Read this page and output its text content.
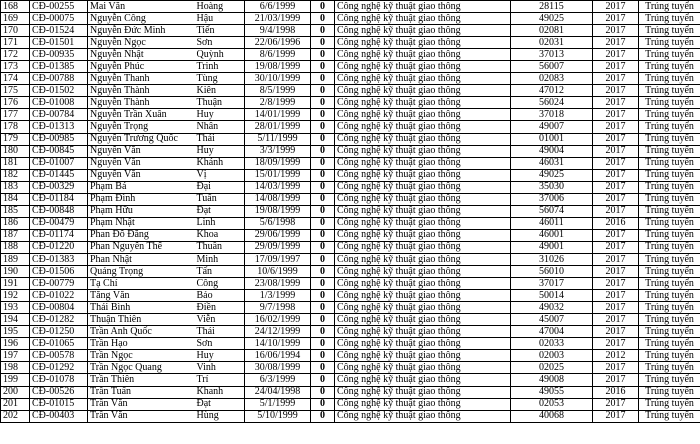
168	CĐ-00255	Mai Văn	Hoàng	6/6/1999	0	Công nghệ kỹ thuật giao thông	28115	2017	Trúng tuyển
169	CĐ-00075	Nguyễn Công	Hậu	21/03/1999	0	Công nghệ kỹ thuật giao thông	49025	2017	Trúng tuyển
170	CĐ-01524	Nguyễn Đức Minh	Tiến	9/4/1998	0	Công nghệ kỹ thuật giao thông	02081	2017	Trúng tuyển
171	CĐ-01501	Nguyễn Ngọc	Sơn	22/06/1996	0	Công nghệ kỹ thuật giao thông	02031	2017	Trúng tuyển
172	CĐ-00935	Nguyễn Nhật	Quỳnh	8/6/1999	0	Công nghệ kỹ thuật giao thông	37013	2017	Trúng tuyển
173	CĐ-01385	Nguyễn Phúc	Trinh	19/08/1999	0	Công nghệ kỹ thuật giao thông	56007	2017	Trúng tuyển
174	CĐ-00788	Nguyễn Thanh	Tùng	30/10/1999	0	Công nghệ kỹ thuật giao thông	02083	2017	Trúng tuyển
175	CĐ-01502	Nguyễn Thành	Kiên	8/5/1999	0	Công nghệ kỹ thuật giao thông	47012	2017	Trúng tuyển
176	CĐ-01008	Nguyễn Thành	Thuận	2/8/1999	0	Công nghệ kỹ thuật giao thông	56024	2017	Trúng tuyển
177	CĐ-00784	Nguyễn Trần Xuân	Huy	14/01/1999	0	Công nghệ kỹ thuật giao thông	37018	2017	Trúng tuyển
178	CĐ-01313	Nguyễn Trọng	Nhân	28/01/1999	0	Công nghệ kỹ thuật giao thông	49007	2017	Trúng tuyển
179	CĐ-00985	Nguyễn Trương Quốc	Thái	5/11/1999	0	Công nghệ kỹ thuật giao thông	01001	2017	Trúng tuyển
180	CĐ-00845	Nguyễn Văn	Huy	3/3/1999	0	Công nghệ kỹ thuật giao thông	49004	2017	Trúng tuyển
181	CĐ-01007	Nguyễn Văn	Khánh	18/09/1999	0	Công nghệ kỹ thuật giao thông	46031	2017	Trúng tuyển
182	CĐ-01445	Nguyễn Văn	Vị	15/01/1999	0	Công nghệ kỹ thuật giao thông	49025	2017	Trúng tuyển
183	CĐ-00329	Phạm Bá	Đại	14/03/1999	0	Công nghệ kỹ thuật giao thông	35030	2017	Trúng tuyển
184	CĐ-01184	Phạm Đình	Tuấn	14/08/1999	0	Công nghệ kỹ thuật giao thông	37006	2017	Trúng tuyển
185	CĐ-00848	Phạm Hữu	Đạt	19/08/1999	0	Công nghệ kỹ thuật giao thông	56074	2017	Trúng tuyển
186	CĐ-00479	Phạm Nhật	Linh	5/6/1998	0	Công nghệ kỹ thuật giao thông	46011	2016	Trúng tuyển
187	CĐ-01174	Phan Đỗ Đăng	Khoa	29/06/1999	0	Công nghệ kỹ thuật giao thông	46001	2017	Trúng tuyển
188	CĐ-01220	Phan Nguyễn Thế	Thuần	29/09/1999	0	Công nghệ kỹ thuật giao thông	49001	2017	Trúng tuyển
189	CĐ-01383	Phan Nhật	Minh	17/09/1997	0	Công nghệ kỹ thuật giao thông	31026	2017	Trúng tuyển
190	CĐ-01506	Quảng Trọng	Tấn	10/6/1999	0	Công nghệ kỹ thuật giao thông	56010	2017	Trúng tuyển
191	CĐ-00779	Tạ Chí	Công	23/08/1999	0	Công nghệ kỹ thuật giao thông	37017	2017	Trúng tuyển
192	CĐ-01022	Tăng Văn	Bảo	1/3/1999	0	Công nghệ kỹ thuật giao thông	50014	2017	Trúng tuyển
193	CĐ-00804	Thái Bình	Điền	9/7/1998	0	Công nghệ kỹ thuật giao thông	49032	2017	Trúng tuyển
194	CĐ-01282	Thuận Thiên	Viễn	16/02/1999	0	Công nghệ kỹ thuật giao thông	45007	2017	Trúng tuyển
195	CĐ-01250	Trần Anh Quốc	Thái	24/12/1999	0	Công nghệ kỹ thuật giao thông	47004	2017	Trúng tuyển
196	CĐ-01065	Trần Hạo	Sơn	14/10/1999	0	Công nghệ kỹ thuật giao thông	02033	2017	Trúng tuyển
197	CĐ-00578	Trần Ngọc	Huy	16/06/1994	0	Công nghệ kỹ thuật giao thông	02003	2012	Trúng tuyển
198	CĐ-01292	Trần Ngọc Quang	Vinh	30/08/1999	0	Công nghệ kỹ thuật giao thông	02025	2017	Trúng tuyển
199	CĐ-01078	Trần Thiên	Trí	6/3/1999	0	Công nghệ kỹ thuật giao thông	49008	2017	Trúng tuyển
200	CĐ-00526	Trần Tuấn	Khanh	24/04/1998	0	Công nghệ kỹ thuật giao thông	49055	2016	Trúng tuyển
201	CĐ-01015	Trần Văn	Đạt	5/1/1999	0	Công nghệ kỹ thuật giao thông	02053	2017	Trúng tuyển
202	CĐ-00403	Trần Văn	Hùng	5/10/1999	0	Công nghệ kỹ thuật giao thông	40068	2017	Trúng tuyển
